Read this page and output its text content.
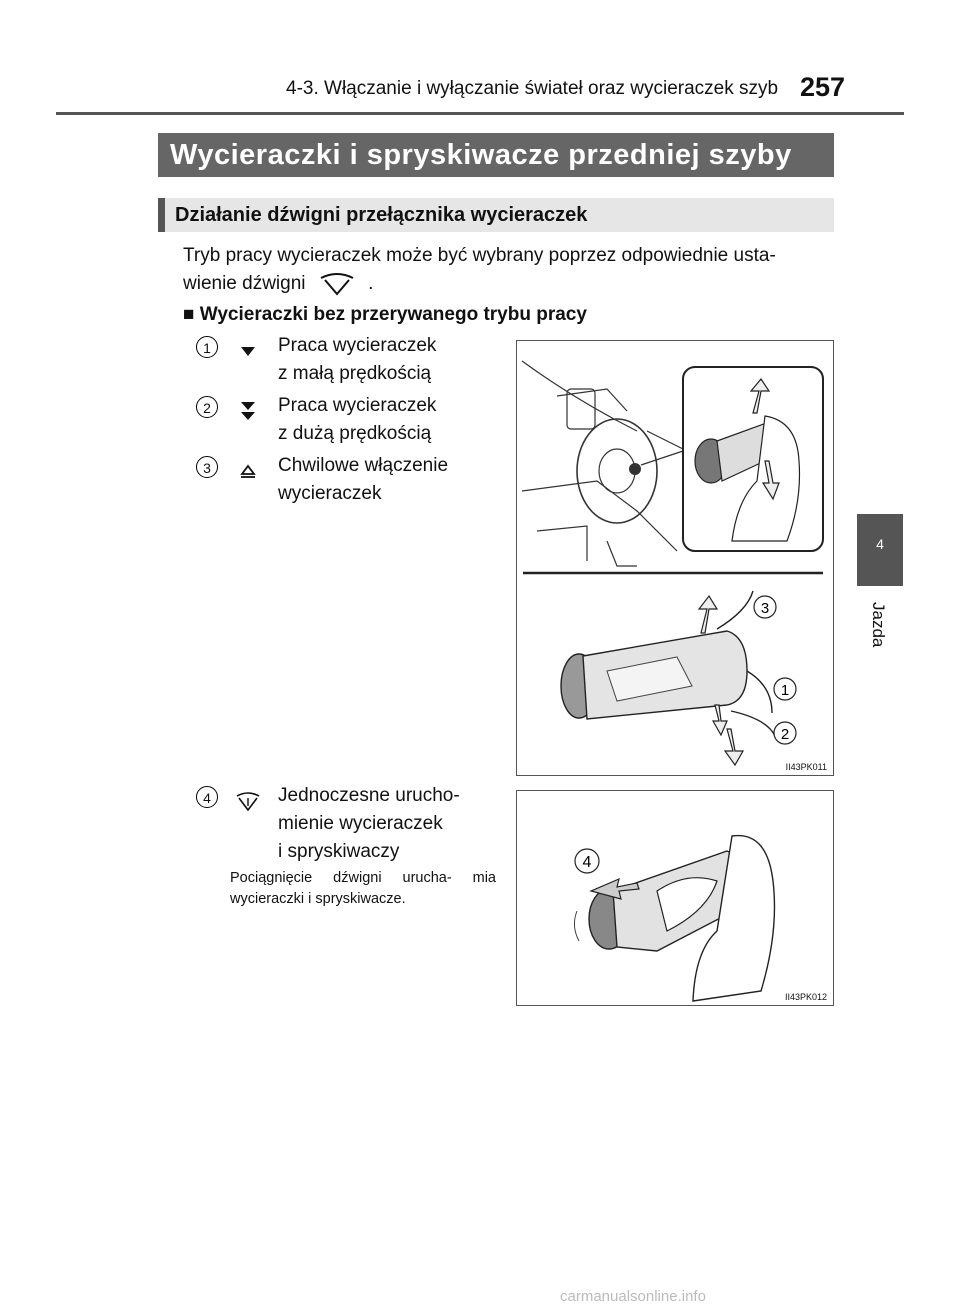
4-3. Włączanie i wyłączanie świateł oraz wycieraczek szyb 257
Wycieraczki i spryskiwacze przedniej szyby
Działanie dźwigni przełącznika wycieraczek
Tryb pracy wycieraczek może być wybrany poprzez odpowiednie usta-
wienie dźwigni	.
■ Wycieraczki bez przerywanego trybu pracy
1	Praca wycieraczek
z małą prędkością
2	Praca wycieraczek
z dużą prędkością
3	Chwilowe włączenie
wycieraczek
3
1
2
II43PK011
4	Jednoczesne urucho-
mienie wycieraczek
i spryskiwaczy
Pociągnięcie dźwigni urucha- mia wycieraczki i spryskiwacze.
4
II43PK012
4
Jazda
carmanualsonline.info
